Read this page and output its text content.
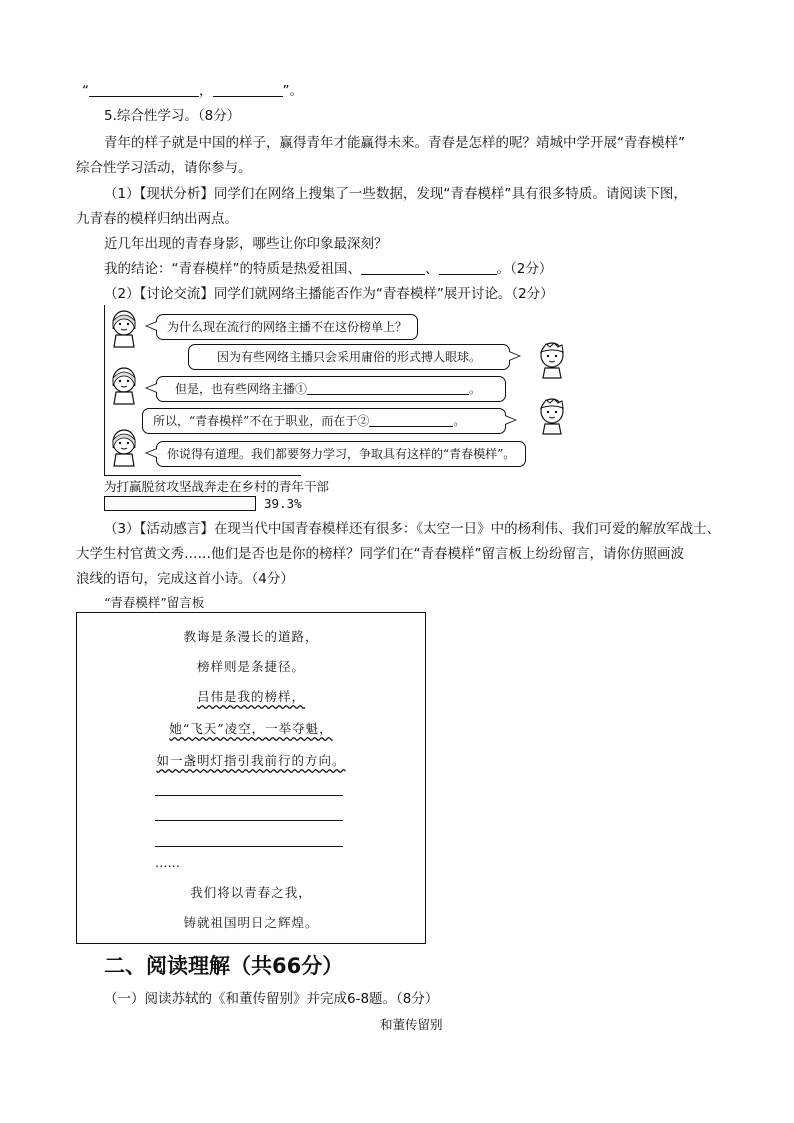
“	，	”。
5.综合性学习。（8分）
青年的样子就是中国的样子，赢得青年才能赢得未来。青春是怎样的呢？靖城中学开展“青春模样”
综合性学习活动，请你参与。
（1）【现状分析】同学们在网络上搜集了一些数据，发现“青春模样”具有很多特质。请阅读下图，
九青春的模样归纳出两点。
近几年出现的青春身影，哪些让你印象最深刻？
我的结论：“青春模样”的特质是热爱祖国、	、	。（2分）
（2）【讨论交流】同学们就网络主播能否作为“青春模样”展开讨论。（2分）
为什么现在流行的网络主播不在这份榜单上？
因为有些网络主播只会采用庸俗的形式搏人眼球。
但是，也有些网络主播①	。
所以，“青春模样”不在于职业，而在于②	。
你说得有道理。我们都要努力学习，争取具有这样的“青春模样”。
为打赢脱贫攻坚战奔走在乡村的青年干部
39.3%
（3）【活动感言】在现当代中国青春模样还有很多：《太空一日》中的杨利伟、我们可爱的解放军战士、
大学生村官黄文秀……他们是否也是你的榜样？同学们在“青春模样”留言板上纷纷留言，请你仿照画波
浪线的语句，完成这首小诗。（4分）
“青春模样”留言板
教诲是条漫长的道路，
榜样则是条捷径。
吕伟是我的榜样，
她“飞天”凌空，一举夺魁，
如一盏明灯指引我前行的方向。
……
我们将以青春之我，
铸就祖国明日之辉煌。
二、阅读理解（共66分）
（一）阅读苏轼的《和董传留别》并完成6-8题。（8分）
和董传留别
